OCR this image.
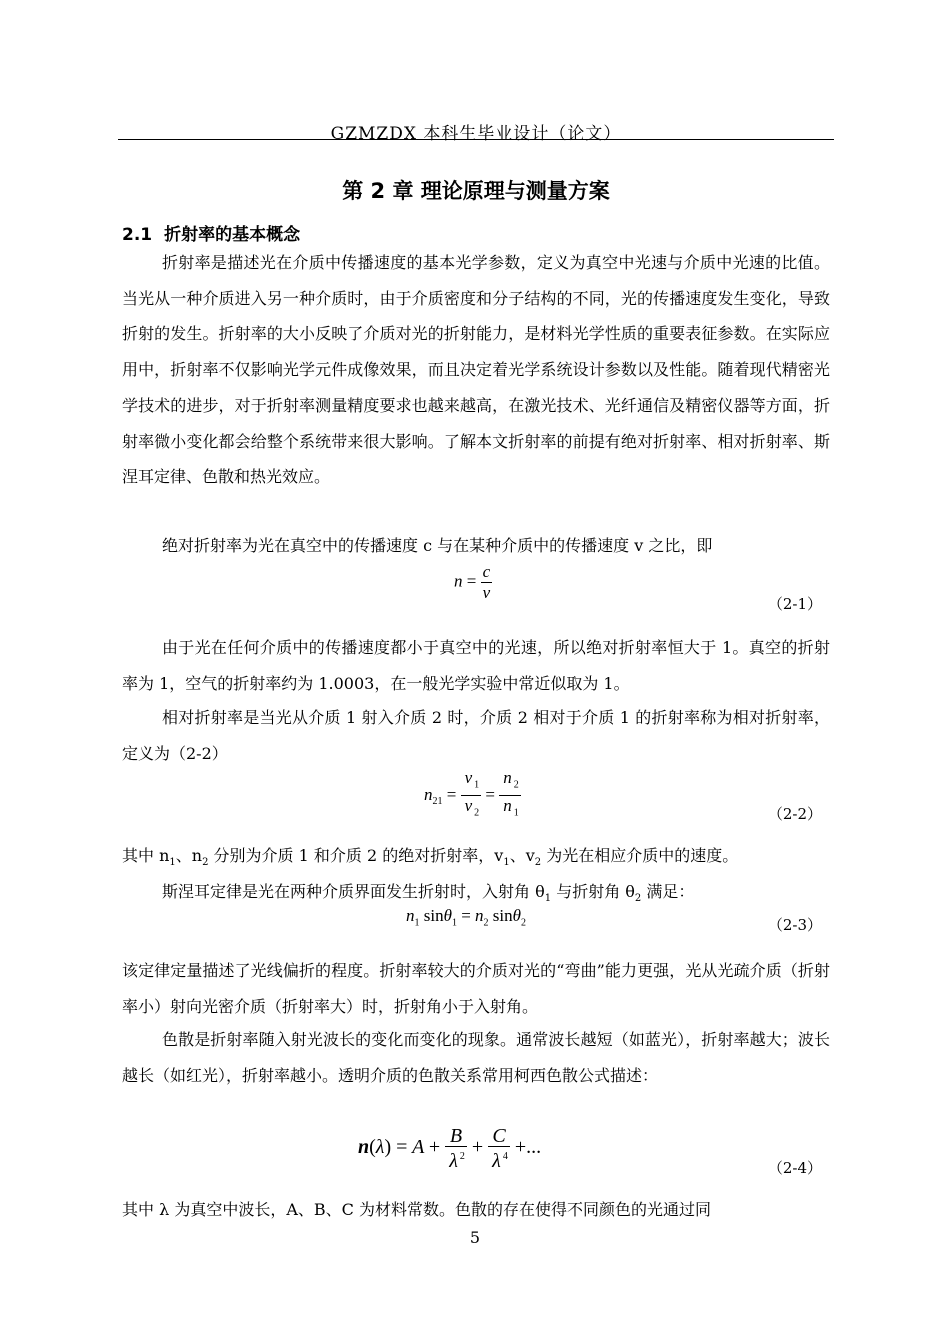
GZMZDX 本科生毕业设计（论文）
第 2 章 理论原理与测量方案
2.1 折射率的基本概念

折射率是描述光在介质中传播速度的基本光学参数，定义为真空中光速与介质中光速的比值。当光从一种介质进入另一种介质时，由于介质密度和分子结构的不同，光的传播速度发生变化，导致折射的发生。折射率的大小反映了介质对光的折射能力，是材料光学性质的重要表征参数。在实际应用中，折射率不仅影响光学元件成像效果，而且决定着光学系统设计参数以及性能。随着现代精密光学技术的进步，对于折射率测量精度要求也越来越高，在激光技术、光纤通信及精密仪器等方面，折射率微小变化都会给整个系统带来很大影响。了解本文折射率的前提有绝对折射率、相对折射率、斯涅耳定律、色散和热光效应。

绝对折射率为光在真空中的传播速度 c 与在某种介质中的传播速度 v 之比，即

$n = \frac{c}{v}$
（2-1）

由于光在任何介质中的传播速度都小于真空中的光速，所以绝对折射率恒大于 1。真空的折射率为 1，空气的折射率约为 1.0003，在一般光学实验中常近似取为 1。

相对折射率是当光从介质 1 射入介质 2 时，介质 2 相对于介质 1 的折射率称为相对折射率，定义为（2-2）

$n_{21} = \frac{v _1}{v _2} = \frac{n _2}{n _1}$	（2-2）

其中 $n_1$、$n_2$ 分别为介质 1 和介质 2 的绝对折射率，$v_1$、$v_2$ 为光在相应介质中的速度。

斯涅耳定律是光在两种介质界面发生折射时，入射角 $\theta_1$ 与折射角 $\theta_2$ 满足：

$n_1$ $\sin\theta_1 = n_2$ sinθ$_2$	（2-3）

该定律定量描述了光线偏折的程度。折射率较大的介质对光的“弯曲”能力更强，光从光疏介质（折射率小）射向光密介质（折射率大）时，折射角小于入射角。

色散是折射率随入射光波长的变化而变化的现象。通常波长越短（如蓝光），折射率越大；波长越长（如红光），折射率越小。透明介质的色散关系常用柯西色散公式描述：

$n(\lambda) = A + \frac{B}{\lambda ^2} + \frac{C}{\lambda ^4}$ +...
（2-4）

其中 λ 为真空中波长，A、B、C 为材料常数。色散的存在使得不同颜色的光通过同

5
